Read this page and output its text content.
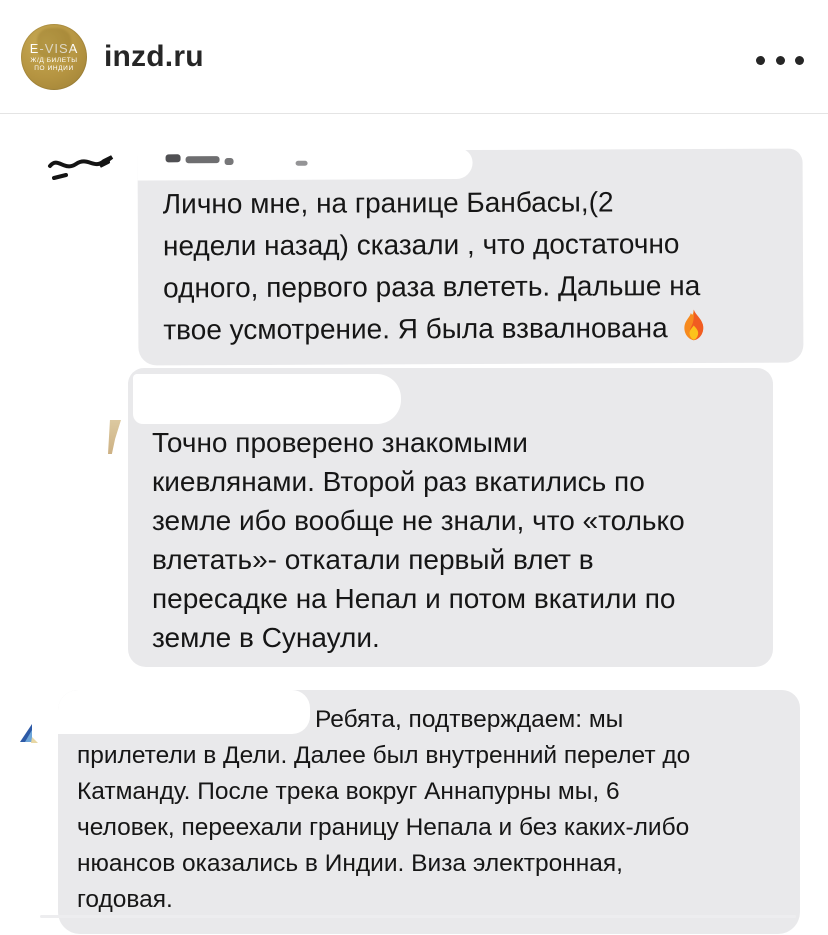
E-VISA
Ж/Д БИЛЕТЫ
ПО ИНДИИ inzd.ru
Лично мне, на границе Банбасы,(2
недели назад) сказали , что достаточно
одного, первого раза влететь. Дальше на
твое усмотрение. Я была взвалнована
Точно проверено знакомыми
киевлянами. Второй раз вкатились по
земле ибо вообще не знали, что «только
влетать»- откатали первый влет в
пересадке на Непал и потом вкатили по
земле в Сунаули.
Ребята, подтверждаем: мы
прилетели в Дели. Далее был внутренний перелет до
Катманду. После трека вокруг Аннапурны мы, 6
человек, переехали границу Непала и без каких-либо
нюансов оказались в Индии. Виза электронная,
годовая.
